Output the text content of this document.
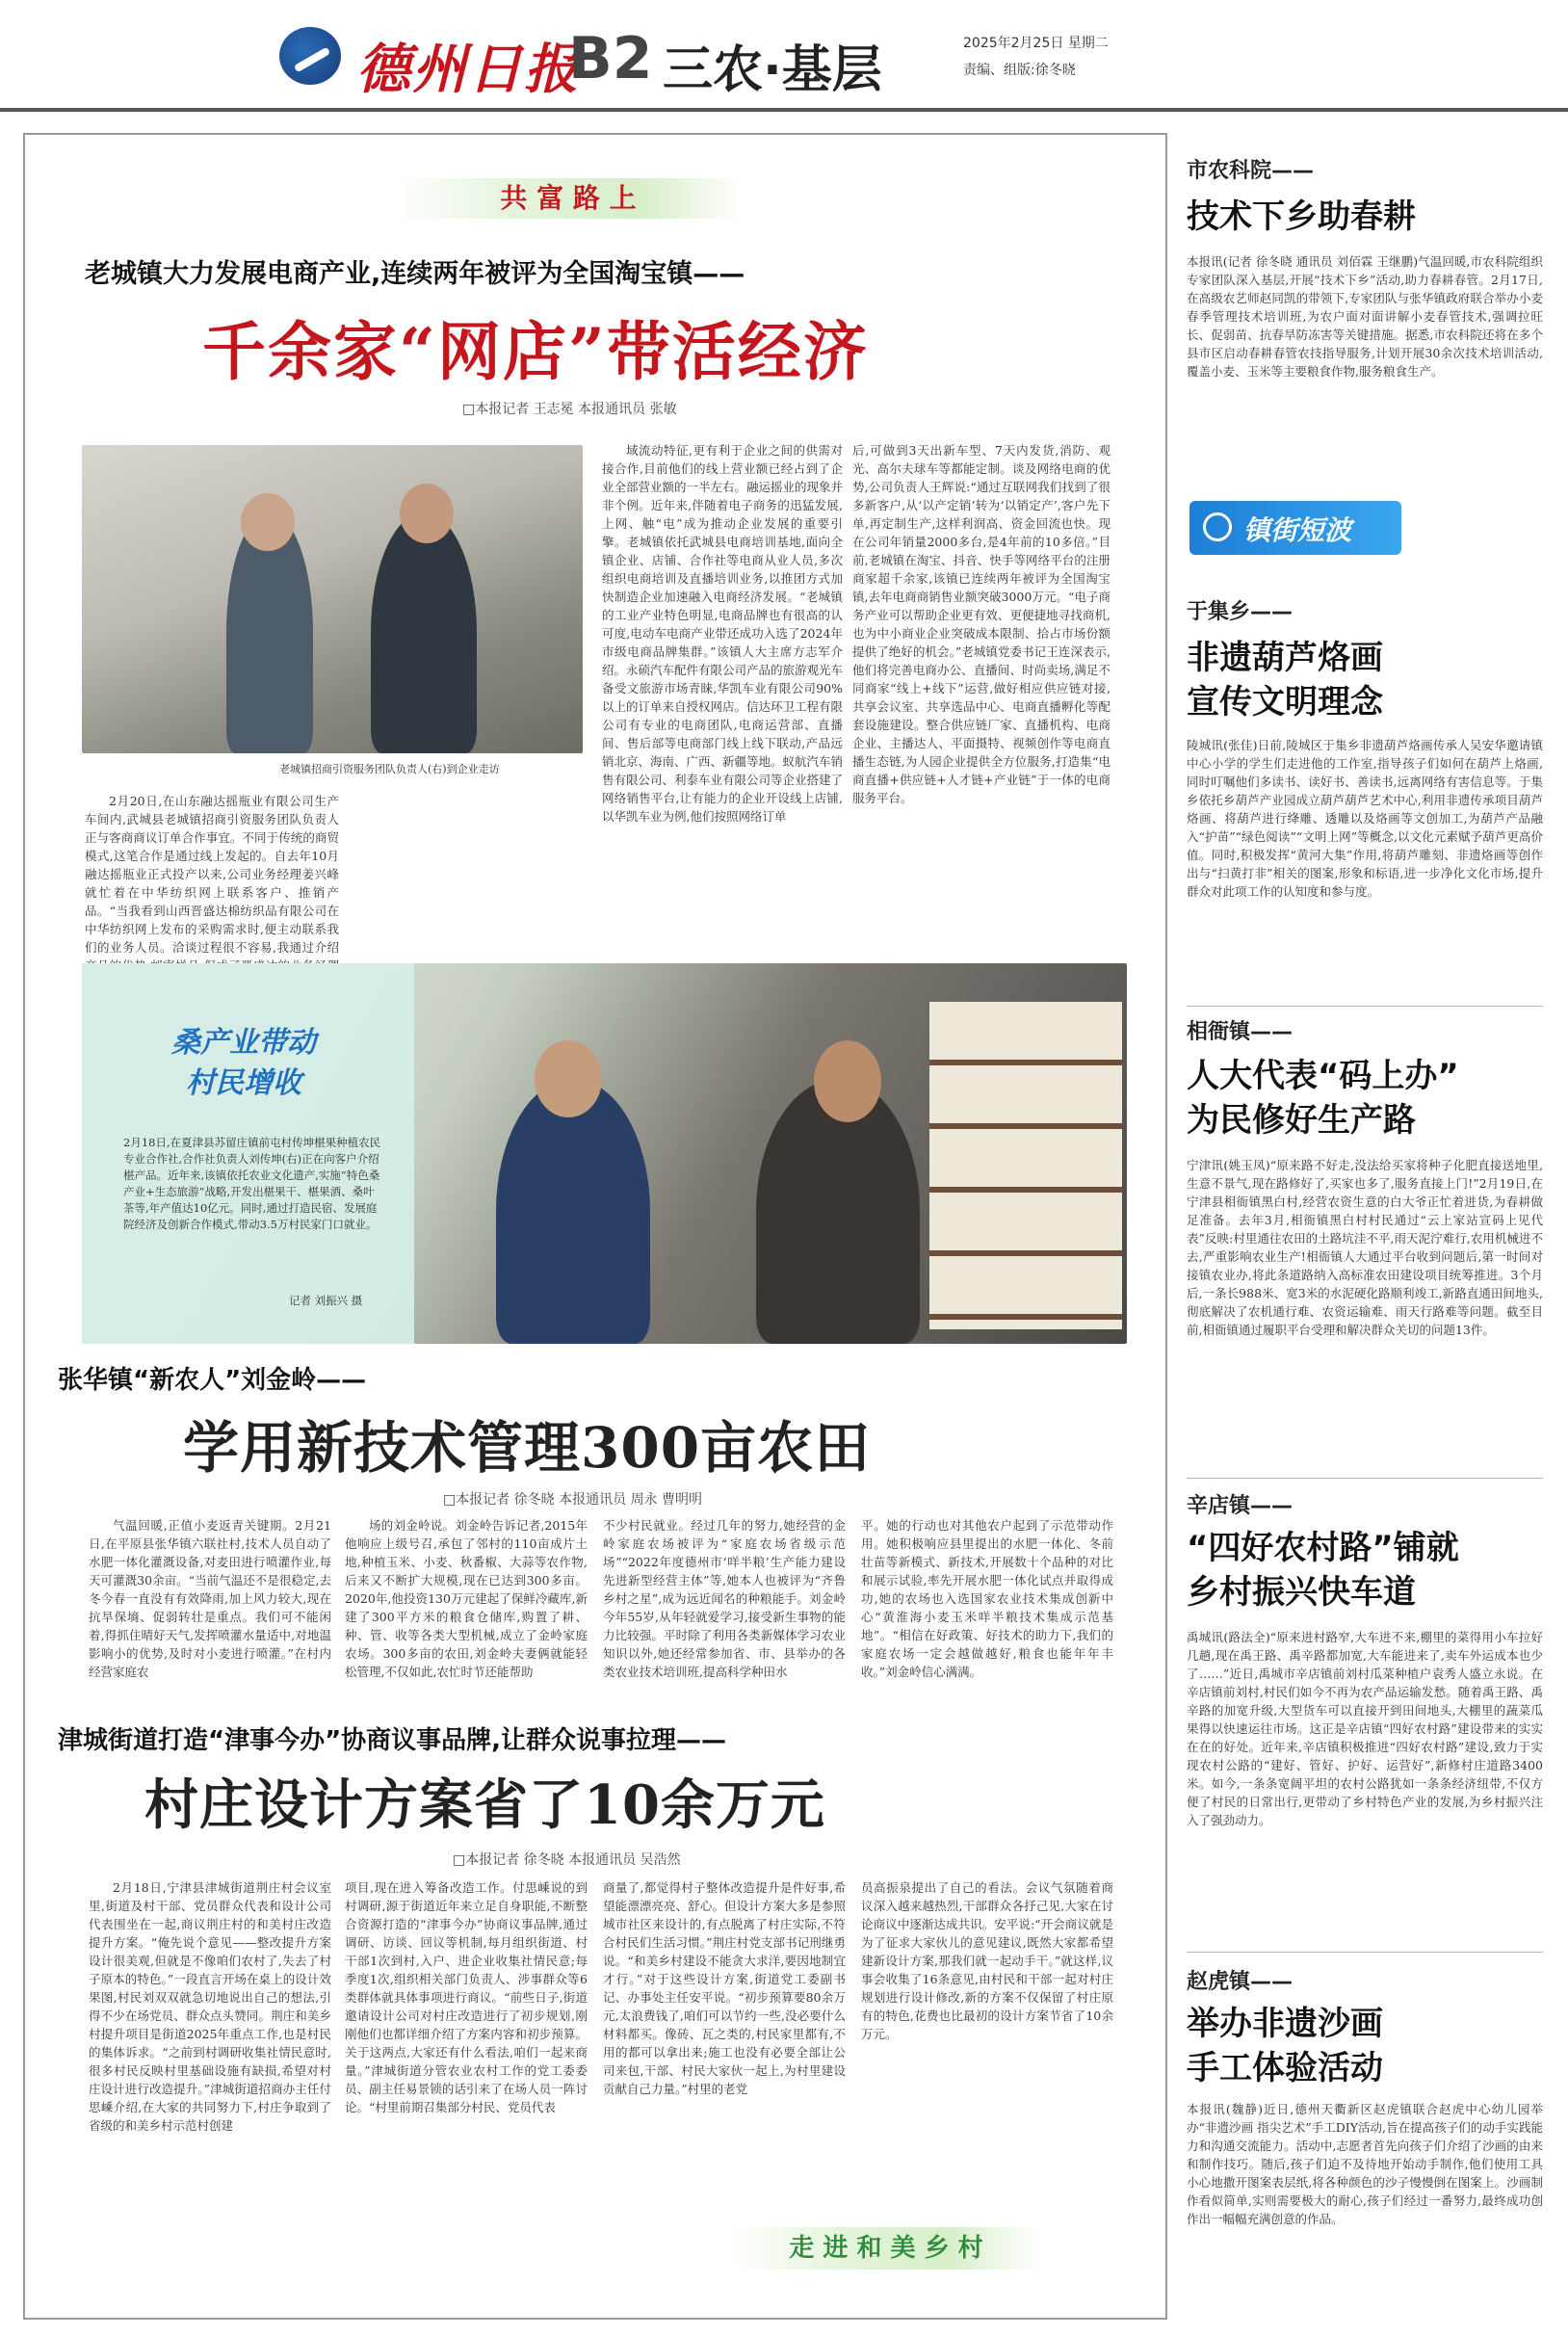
德州日报
B2 三农·基层	2025年2月25日 星期二
责编、组版:徐冬晓
共 富 路 上
老城镇大力发展电商产业,连续两年被评为全国淘宝镇——
千余家“网店”带活经济
□本报记者 王志冕 本报通讯员 张敏
老城镇招商引资服务团队负责人(右)到企业走访
2月20日,在山东融达摇瓶业有限公司生产车间内,武城县老城镇招商引资服务团队负责人正与客商商议订单合作事宜。不同于传统的商贸模式,这笔合作是通过线上发起的。自去年10月融达摇瓶业正式投产以来,公司业务经理姜兴峰就忙着在中华纺织网上联系客户、推销产品。“当我看到山西晋盛达棉纺织品有限公司在中华纺织网上发布的采购需求时,便主动联系我们的业务人员。洽谈过程很不容易,我通过介绍
域流动特征,更有利于企业之间的供需对接合作,目前他们的线上营业额已经占到了企业全部营业额的一半左右。融运摇业的现象并非个例。近年来,伴随着电子商务的迅猛发展,上网、触“电”成为推动企业发展的重要引擎。老城镇依托武城县电商培训基地,面向全镇企业、店铺、合作社等电商从业人员,多次组织电商培训及直播培训业务,以推团方式加快制造企业加速融入电商经济发展。“老城镇的工业产业特色明显,电商品牌也有很高的认可度,电动车电商产业带还成功入选了2024年市级电商品牌集群。”该镇人大主席方志军介绍。永硕汽车配件有限公司产品的旅游观光车备受文旅游市场青睐,华凯车业有限公司90%以上的订单来自授权网店。信达环卫工程有限公司有专业的电商团队,电商运营部、直播间、售后部等电商部门线上线下联动,产品远销北京、海南、广西、新疆等地。蚁航汽车销售有限公司、利泰车业有限公司等企业搭建了网络销售平台,让有能力的企业开设线上店铺,以华凯车业为例,他们按照网络订单
后,可做到3天出新车型、7天内发货,消防、观光、高尔夫球车等都能定制。谈及网络电商的优势,公司负责人王辉说:“通过互联网我们找到了很多新客户,从‘以产定销’转为‘以销定产’,客户先下单,再定制生产,这样利润高、资金回流也快。现在公司年销量2000多台,是4年前的10多倍。”目前,老城镇在淘宝、抖音、快手等网络平台的注册商家超千余家,该镇已连续两年被评为全国淘宝镇,去年电商商销售业额突破3000万元。“电子商务产业可以帮助企业更有效、更便捷地寻找商机,也为中小商业企业突破成本限制、拾占市场份额提供了绝好的机会。”老城镇党委书记王连深表示,他们将完善电商办公、直播间、时尚卖场,满足不同商家“线上+线下”运营,做好相应供应链对接,共享会议室、共享选品中心、电商直播孵化等配套设施建设。整合供应链厂家、直播机构、电商企业、主播达人、平面摄特、视频创作等电商直播生态链,为人园企业提供全方位服务,打造集“电商直播+供应链+人才链+产业链”于一体的电商服务平台。
桑产业带动
村民增收
2月18日,在夏津县苏留庄镇前屯村传坤椹果种植农民专业合作社,合作社负责人刘传坤(右)正在向客户介绍椹产品。近年来,该镇依托农业文化遗产,实施“特色桑产业+生态旅游”战略,开发出椹果干、椹果酒、桑叶茶等,年产值达10亿元。同时,通过打造民宿、发展庭院经济及创新合作模式,带动3.5万村民家门口就业。
记者 刘振兴 摄
张华镇“新农人”刘金岭——
学用新技术管理300亩农田
□本报记者 徐冬晓 本报通讯员 周永 曹明明
气温回暖,正值小麦返青关键期。2月21日,在平原县张华镇六联社村,技术人员自动了水肥一体化灌溉设备,对麦田进行喷灌作业,每天可灌溉30余亩。“当前气温还不是很稳定,去冬今春一直没有有效降雨,加上风力较大,现在抗旱保墒、促弱转壮是重点。我们可不能闲着,得抓住晴好天气,发挥喷灌水量适中,对地温影响小的优势,及时对小麦进行喷灌。”在村内经营家庭农
场的刘金岭说。刘金岭告诉记者,2015年他响应上级号召,承包了邻村的110亩成片土地,种植玉米、小麦、秋番椒、大蒜等农作物,后来又不断扩大规模,现在已达到300多亩。2020年,他投资130万元建起了保鲜冷藏库,新建了300平方米的粮食仓储库,购置了耕、种、管、收等各类大型机械,成立了金岭家庭农场。300多亩的农田,刘金岭夫妻俩就能轻松管理,不仅如此,农忙时节还能帮助
不少村民就业。经过几年的努力,她经营的金岭家庭农场被评为“家庭农场省级示范场”“2022年度德州市‘咩半粮’生产能力建设先进新型经营主体”等,她本人也被评为“齐鲁乡村之星”,成为远近闻名的种粮能手。刘金岭今年55岁,从年轻就爱学习,接受新生事物的能力比较强。平时除了利用各类新媒体学习农业知识以外,她还经常参加省、市、县举办的各类农业技术培训班,提高科学种田水
平。她的行动也对其他农户起到了示范带动作用。她积极响应县里提出的水肥一体化、冬前壮苗等新模式、新技术,开展数十个品种的对比和展示试验,率先开展水肥一体化试点并取得成功,她的农场也入选国家农业技术集成创新中心“黄淮海小麦玉米咩半粮技术集成示范基地”。“相信在好政策、好技术的助力下,我们的家庭农场一定会越做越好,粮食也能年年丰收。”刘金岭信心满满。
津城街道打造“津事今办”协商议事品牌,让群众说事拉理——
村庄设计方案省了10余万元
□本报记者 徐冬晓 本报通讯员 吴浩然
2月18日,宁津县津城街道荆庄村会议室里,街道及村干部、党员群众代表和设计公司代表围坐在一起,商议荆庄村的和美村庄改造提升方案。“俺先说个意见——整改提升方案设计很美观,但就是不像咱们农村了,失去了村子原本的特色。”一段直言开场在桌上的设计效果图,村民刘双双就急切地说出自己的想法,引得不少在场党员、群众点头赞同。荆庄和美乡村提升项目是街道2025年重点工作,也是村民的集体诉求。“之前到村调研收集社情民意时,很多村民反映村里基础设施有缺损,希望对村庄设计进行改造提升。”津城街道招商办主任付思嵊介绍,在大家的共同努力下,村庄争取到了省级的和美乡村示范村创建
项目,现在进入筹备改造工作。付思嵊说的到村调研,源于街道近年来立足自身职能,不断整合资源打造的“津事今办”协商议事品牌,通过调研、访谈、回议等机制,每月组织街道、村干部1次到村,入户、进企业收集社情民意;每季度1次,组织相关部门负责人、涉事群众等6类群体就具体事项进行商议。“前些日子,街道邀请设计公司对村庄改造进行了初步规划,刚刚他们也都详细介绍了方案内容和初步预算。关于这两点,大家还有什么看法,咱们一起来商量。”津城街道分管农业农村工作的党工委委员、副主任易景锁的话引来了在场人员一阵讨论。“村里前期召集部分村民、党员代表
商量了,都觉得村子整体改造提升是件好事,希望能漂漂亮亮、舒心。但设计方案大多是参照城市社区来设计的,有点脱离了村庄实际,不符合村民们生活习惯。”荆庄村党支部书记刑继勇说。“和美乡村建设不能贪大求洋,要因地制宜才行。”对于这些设计方案,街道党工委副书记、办事处主任安平说。“初步预算要80余万元,太浪费钱了,咱们可以节约一些,没必要什么材料都买。像砖、瓦之类的,村民家里都有,不用的都可以拿出来;施工也没有必要全部让公司来包,干部、村民大家伙一起上,为村里建设贡献自己力量。”村里的老党
员高振泉提出了自己的看法。会议气氛随着商议深入越来越热烈,干部群众各抒己见,大家在讨论商议中逐渐达成共识。安平说:“开会商议就是为了征求大家伙儿的意见建议,既然大家都希望建新设计方案,那我们就一起动手干。”就这样,议事会收集了16条意见,由村民和干部一起对村庄规划进行设计修改,新的方案不仅保留了村庄原有的特色,花费也比最初的设计方案节省了10余万元。
走 进 和 美 乡 村
市农科院——
技术下乡助春耕
本报讯(记者 徐冬晓 通讯员 刘佰霖 王继鹏)气温回暖,市农科院组织专家团队深入基层,开展“技术下乡”活动,助力春耕春管。2月17日,在高级农艺师赵同凯的带领下,专家团队与张华镇政府联合举办小麦春季管理技术培训班,为农户面对面讲解小麦春管技术,强调拉旺长、促弱苗、抗春旱防冻害等关键措施。据悉,市农科院还将在多个县市区启动春耕春管农技指导服务,计划开展30余次技术培训活动,覆盖小麦、玉米等主要粮食作物,服务粮食生产。
镇街短波
于集乡——
非遗葫芦烙画
宣传文明理念
陵城讯(张佳)日前,陵城区于集乡非遗葫芦烙画传承人吴安华邀请镇中心小学的学生们走进他的工作室,指导孩子们如何在葫芦上烙画,同时叮嘱他们多读书、读好书、善读书,远离网络有害信息等。于集乡依托乡葫芦产业园成立葫芦葫芦艺术中心,利用非遗传承项目葫芦烙画、将葫芦进行绛雕、透雕以及烙画等文创加工,为葫芦产品融入“护苗”“绿色阅读”“文明上网”等概念,以文化元素赋予葫芦更高价值。同时,积极发挥“黄河大集”作用,将葫芦雕刻、非遗烙画等创作出与“扫黄打非”相关的图案,形象和标语,进一步净化文化市场,提升群众对此项工作的认知度和参与度。
相衙镇——
人大代表“码上办”
为民修好生产路
宁津讯(姚玉凤)“原来路不好走,没法给买家将种子化肥直接送地里,生意不景气,现在路修好了,买家也多了,服务直接上门!”2月19日,在宁津县相衙镇黑白村,经营农资生意的白大爷正忙着进货,为春耕做足准备。去年3月,相衙镇黑白村村民通过“云上家站宣码上见代表”反映:村里通往农田的土路坑洼不平,雨天泥泞难行,农用机械进不去,严重影响农业生产!相衙镇人大通过平台收到问题后,第一时间对接镇农业办,将此条道路纳入高标准农田建设项目统筹推进。3个月后,一条长988米、宽3米的水泥硬化路顺利竣工,新路直通田间地头,彻底解决了农机通行难、农资运输难、雨天行路难等问题。截至目前,相衙镇通过履职平台受理和解决群众关切的问题13件。
辛店镇——
“四好农村路”铺就
乡村振兴快车道
禹城讯(路法全)“原来进村路窄,大车进不来,棚里的菜得用小车拉好几趟,现在禹王路、禹辛路都加宽,大车能进来了,卖车外运成本也少了……”近日,禹城市辛店镇前刘村瓜菜种植户袁秀人盛立永说。在辛店镇前刘村,村民们如今不再为农产品运输发愁。随着禹王路、禹辛路的加宽升级,大型货车可以直接开到田间地头,大棚里的蔬菜瓜果得以快速运往市场。这正是辛店镇“四好农村路”建设带来的实实在在的好处。近年来,辛店镇积极推进“四好农村路”建设,致力于实现农村公路的“建好、管好、护好、运营好”,新修村庄道路3400米。如今,一条条宽阔平坦的农村公路犹如一条条经济纽带,不仅方便了村民的日常出行,更带动了乡村特色产业的发展,为乡村振兴注入了强劲动力。
赵虎镇——
举办非遗沙画
手工体验活动
本报讯(魏静)近日,德州天衢新区赵虎镇联合赵虎中心幼儿园举办“非遗沙画 指尖艺术”手工DIY活动,旨在提高孩子们的动手实践能力和沟通交流能力。活动中,志愿者首先向孩子们介绍了沙画的由来和制作技巧。随后,孩子们迫不及待地开始动手制作,他们使用工具小心地撒开图案表层纸,将各种颜色的沙子慢慢倒在图案上。沙画制作看似简单,实则需要极大的耐心,孩子们经过一番努力,最终成功创作出一幅幅充满创意的作品。
